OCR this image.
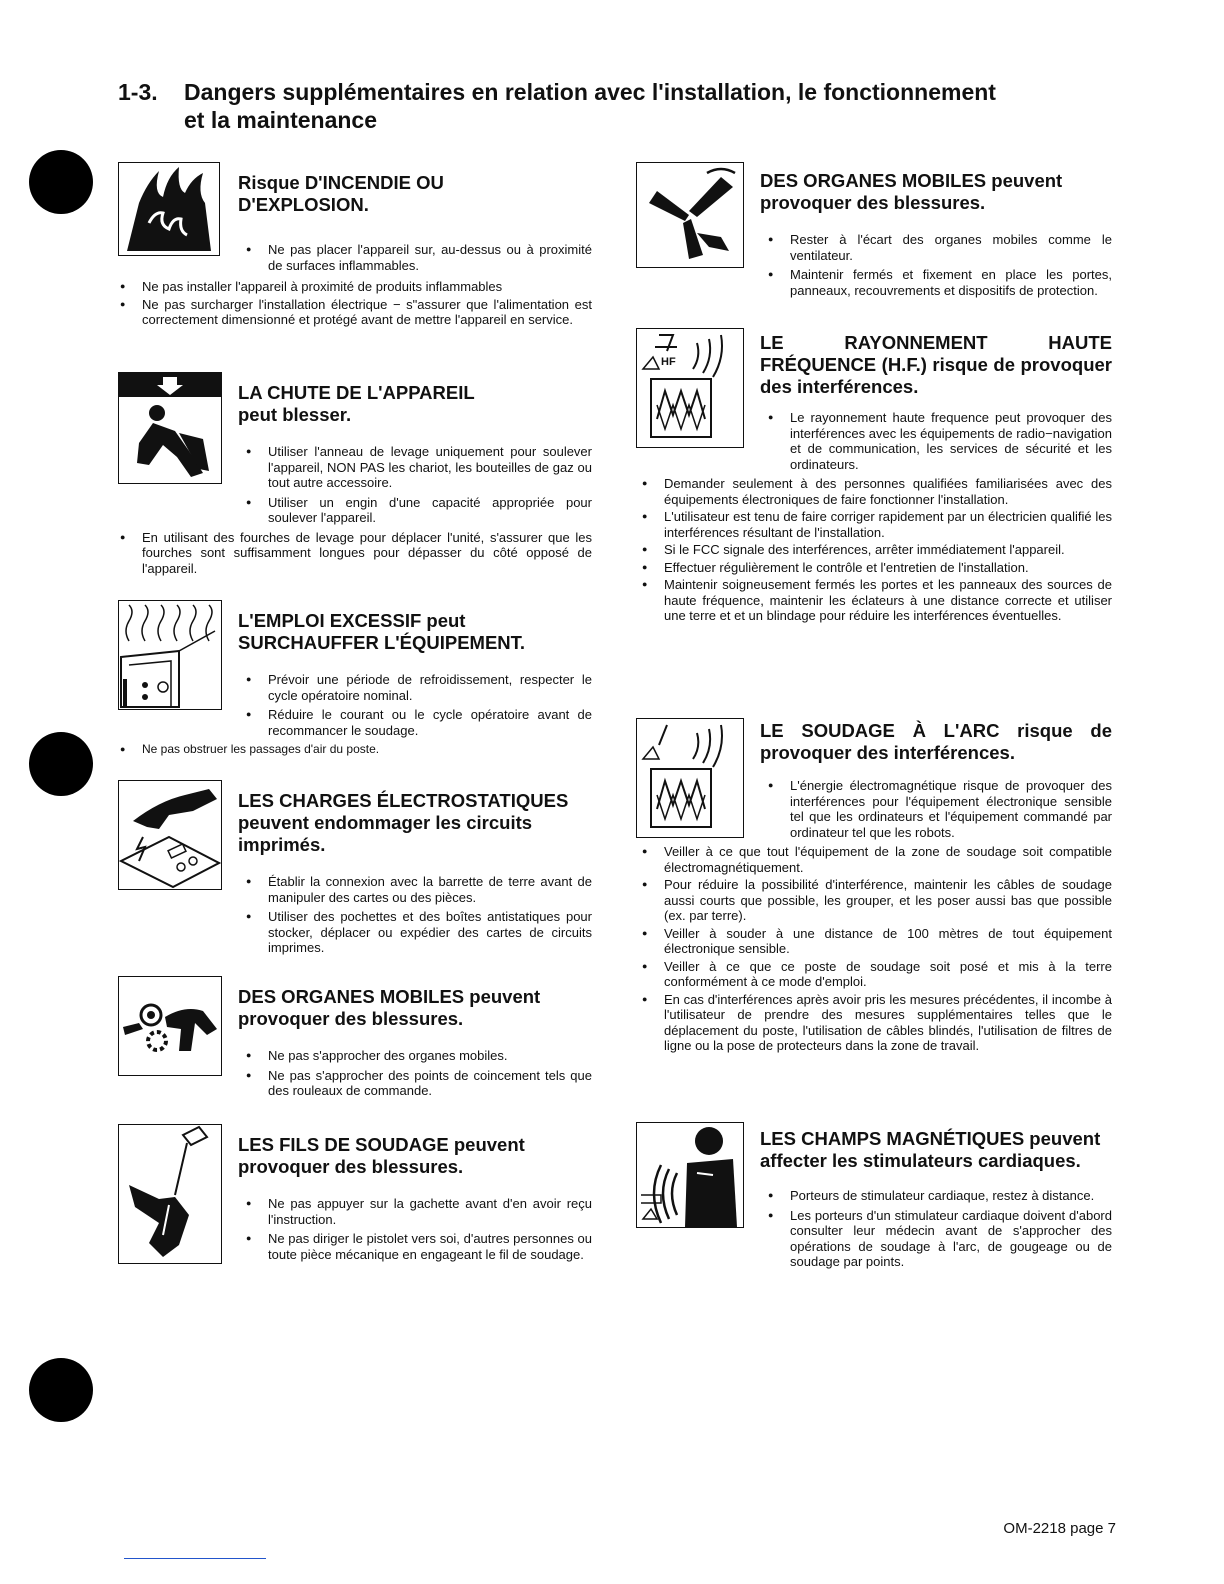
1-3. Dangers supplémentaires en relation avec l'installation, le fonctionnement
et la maintenance

Risque D'INCENDIE OU D'EXPLOSION.

● Ne pas placer l'appareil sur, au-dessus ou à proximité de surfaces inflammables.
● Ne pas installer l'appareil à proximité de produits inflammables
● Ne pas surcharger l'installation électrique − s"assurer que l'alimentation est correctement dimensionné et protégé avant de mettre l'appareil en service.

LA CHUTE DE L'APPAREIL peut blesser.

● Utiliser l'anneau de levage uniquement pour soulever l'appareil, NON PAS les chariot, les bouteilles de gaz ou tout autre accessoire.
● Utiliser un engin d'une capacité appropriée pour soulever l'appareil.
● En utilisant des fourches de levage pour déplacer l'unité, s'assurer que les fourches sont suffisamment longues pour dépasser du côté opposé de l'appareil.

L'EMPLOI EXCESSIF peut SURCHAUFFER L'ÉQUIPEMENT.

● Prévoir une période de refroidissement, respecter le cycle opératoire nominal.
● Réduire le courant ou le cycle opératoire avant de recommancer le soudage.
● Ne pas obstruer les passages d'air du poste.

LES CHARGES ÉLECTROSTATIQUES peuvent endommager les circuits imprimés.

● Établir la connexion avec la barrette de terre avant de manipuler des cartes ou des pièces.
● Utiliser des pochettes et des boîtes antistatiques pour stocker, déplacer ou expédier des cartes de circuits imprimes.

DES ORGANES MOBILES peuvent provoquer des blessures.

● Ne pas s'approcher des organes mobiles.
● Ne pas s'approcher des points de coincement tels que des rouleaux de commande.

LES FILS DE SOUDAGE peuvent provoquer des blessures.

● Ne pas appuyer sur la gachette avant d'en avoir reçu l'instruction.
● Ne pas diriger le pistolet vers soi, d'autres personnes ou toute pièce mécanique en engageant le fil de soudage.

DES ORGANES MOBILES peuvent provoquer des blessures.

● Rester à l'écart des organes mobiles comme le ventilateur.
● Maintenir fermés et fixement en place les portes, panneaux, recouvrements et dispositifs de protection.
HF

LE RAYONNEMENT HAUTE FRÉQUENCE (H.F.) risque de provoquer des interférences.

● Le rayonnement haute frequence peut provoquer des interférences avec les équipements de radio−navigation et de communication, les services de sécurité et les ordinateurs.
● Demander seulement à des personnes qualifiées familiarisées avec des équipements électroniques de faire fonctionner l'installation.
● L'utilisateur est tenu de faire corriger rapidement par un électricien qualifié les interférences résultant de l'installation.
● Si le FCC signale des interférences, arrêter immédiatement l'appareil.
● Effectuer régulièrement le contrôle et l'entretien de l'installation.
● Maintenir soigneusement fermés les portes et les panneaux des sources de haute fréquence, maintenir les éclateurs à une distance correcte et utiliser une terre et et un blindage pour réduire les interférences éventuelles.

LE SOUDAGE À L'ARC risque de provoquer des interférences.

● L'énergie électromagnétique risque de provoquer des interférences pour l'équipement électronique sensible tel que les ordinateurs et l'équipement commandé par ordinateur tel que les robots.
● Veiller à ce que tout l'équipement de la zone de soudage soit compatible électromagnétiquement.
● Pour réduire la possibilité d'interférence, maintenir les câbles de soudage aussi courts que possible, les grouper, et les poser aussi bas que possible (ex. par terre).
● Veiller à souder à une distance de 100 mètres de tout équipement électronique sensible.
● Veiller à ce que ce poste de soudage soit posé et mis à la terre conformément à ce mode d'emploi.
● En cas d'interférences après avoir pris les mesures précédentes, il incombe à l'utilisateur de prendre des mesures supplémentaires telles que le déplacement du poste, l'utilisation de câbles blindés, l'utilisation de filtres de ligne ou la pose de protecteurs dans la zone de travail.

LES CHAMPS MAGNÉTIQUES peuvent affecter les stimulateurs cardiaques.

● Porteurs de stimulateur cardiaque, restez à distance.
● Les porteurs d'un stimulateur cardiaque doivent d'abord consulter leur médecin avant de s'approcher des opérations de soudage à l'arc, de gougeage ou de soudage par points.
OM-2218 page 7
